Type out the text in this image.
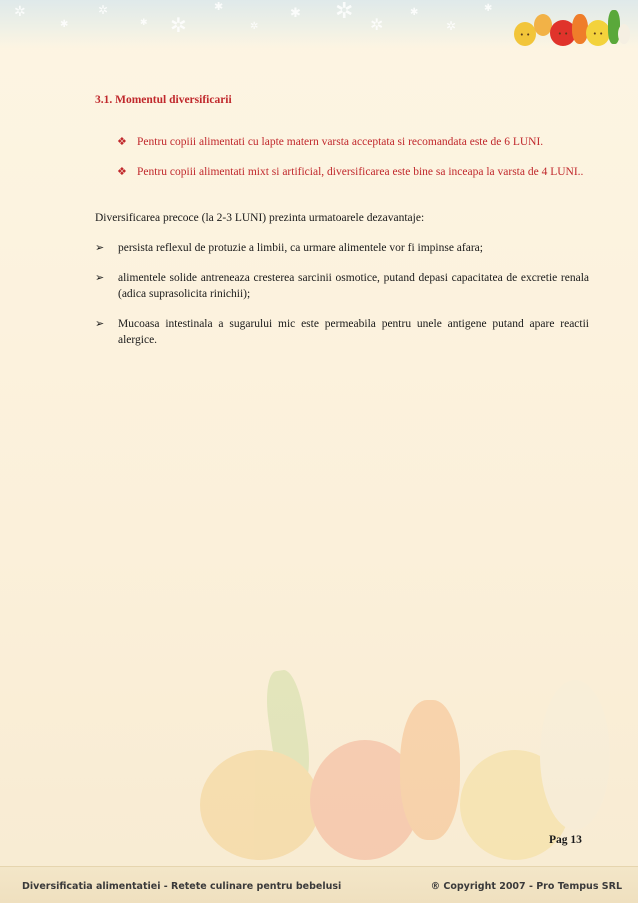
✲
✱
✲
✱ ✲
✱
✲
✱ ✲
✲
✱
✲
✱
• •	• •	• •
3.1. Momentul diversificarii
❖ Pentru copiii alimentati cu lapte matern varsta acceptata si recomandata este de 6 LUNI.
❖ Pentru copiii alimentati mixt si artificial, diversificarea este bine sa inceapa la varsta de 4 LUNI..

Diversificarea precoce (la 2-3 LUNI) prezinta urmatoarele dezavantaje:

➢ persista reflexul de protuzie a limbii, ca urmare alimentele vor fi impinse afara;
➢ alimentele solide antreneaza cresterea sarcinii osmotice, putand depasi capacitatea de excretie renala (adica suprasolicita rinichii);
➢ Mucoasa intestinala a sugarului mic este permeabila pentru unele antigene putand apare reactii alergice.
Pag 13
Diversificatia alimentatiei - Retete culinare pentru bebelusi	® Copyright 2007 - Pro Tempus SRL
